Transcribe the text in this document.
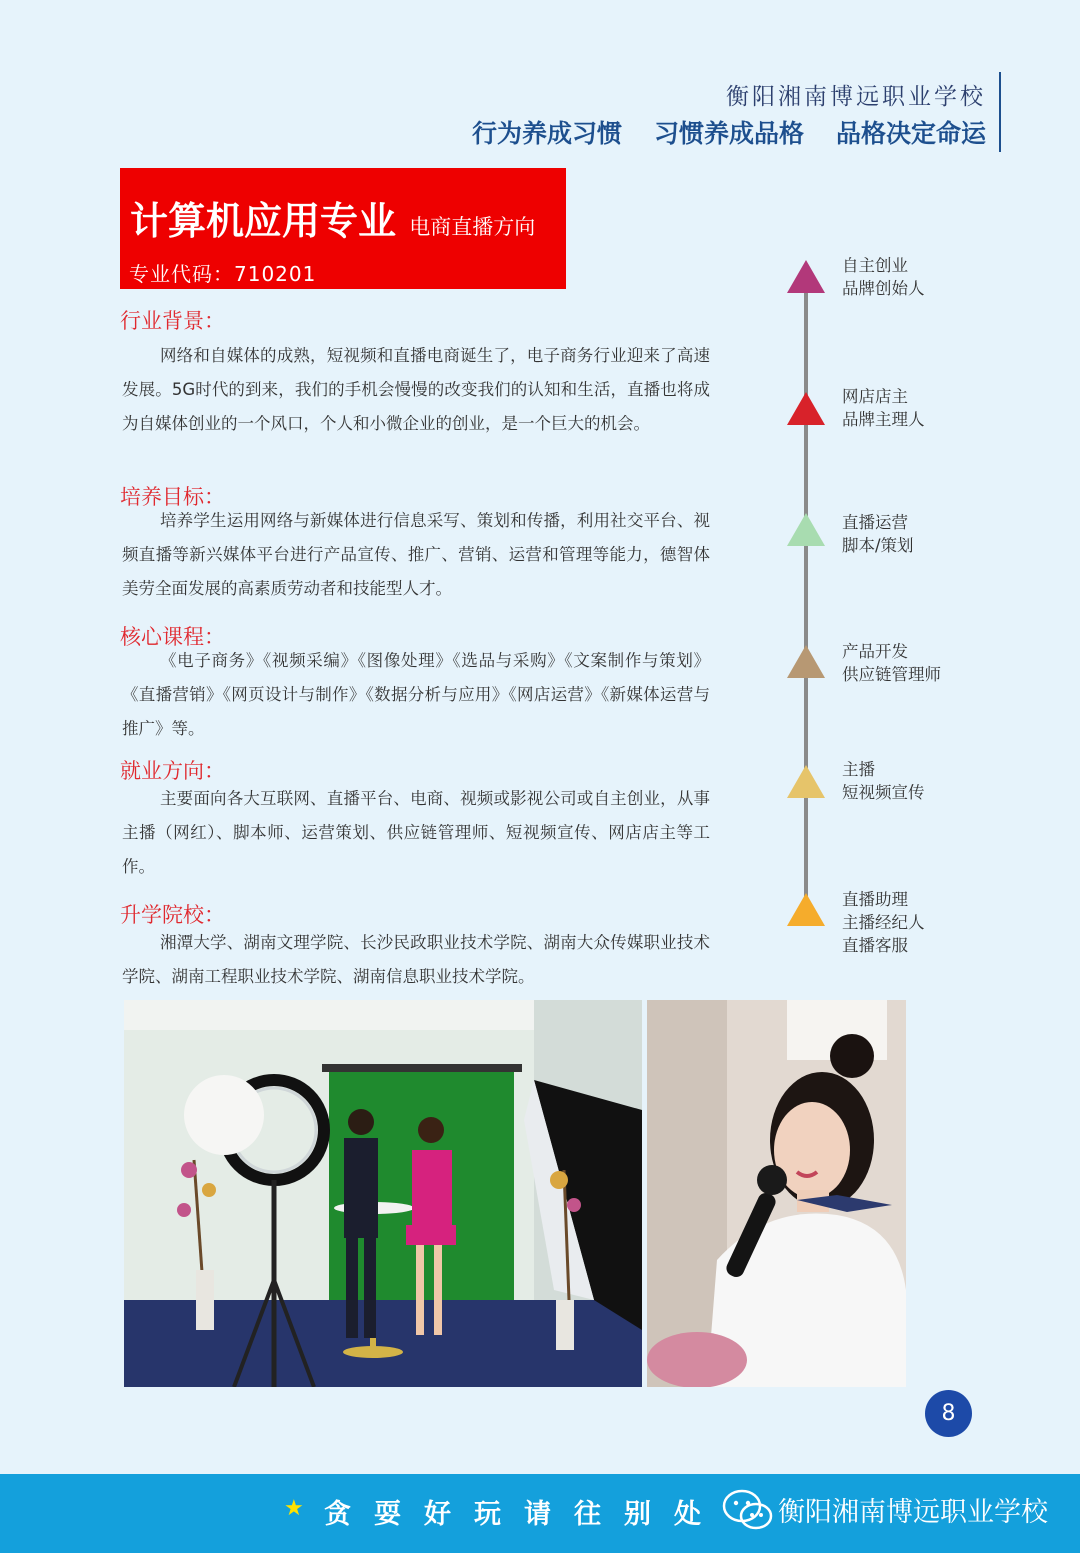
衡阳湘南博远职业学校
行为养成习惯 习惯养成品格 品格决定命运
计算机应用专业 电商直播方向
专业代码：710201
行业背景：
网络和自媒体的成熟，短视频和直播电商诞生了，电子商务行业迎来了高速发展。5G时代的到来，我们的手机会慢慢的改变我们的认知和生活，直播也将成为自媒体创业的一个风口，个人和小微企业的创业，是一个巨大的机会。
培养目标：
培养学生运用网络与新媒体进行信息采写、策划和传播，利用社交平台、视频直播等新兴媒体平台进行产品宣传、推广、营销、运营和管理等能力，德智体美劳全面发展的高素质劳动者和技能型人才。
核心课程：
《电子商务》《视频采编》《图像处理》《选品与采购》《文案制作与策划》《直播营销》《网页设计与制作》《数据分析与应用》《网店运营》《新媒体运营与推广》等。
就业方向：
主要面向各大互联网、直播平台、电商、视频或影视公司或自主创业，从事主播（网红）、脚本师、运营策划、供应链管理师、短视频宣传、网店店主等工作。
升学院校：
湘潭大学、湖南文理学院、长沙民政职业技术学院、湖南大众传媒职业技术学院、湖南工程职业技术学院、湖南信息职业技术学院。
自主创业
品牌创始人
网店店主
品牌主理人
直播运营
脚本/策划
产品开发
供应链管理师
主播
短视频宣传
直播助理
主播经纪人
直播客服
8
★ 贪耍好玩请往别处 衡阳湘南博远职业学校
